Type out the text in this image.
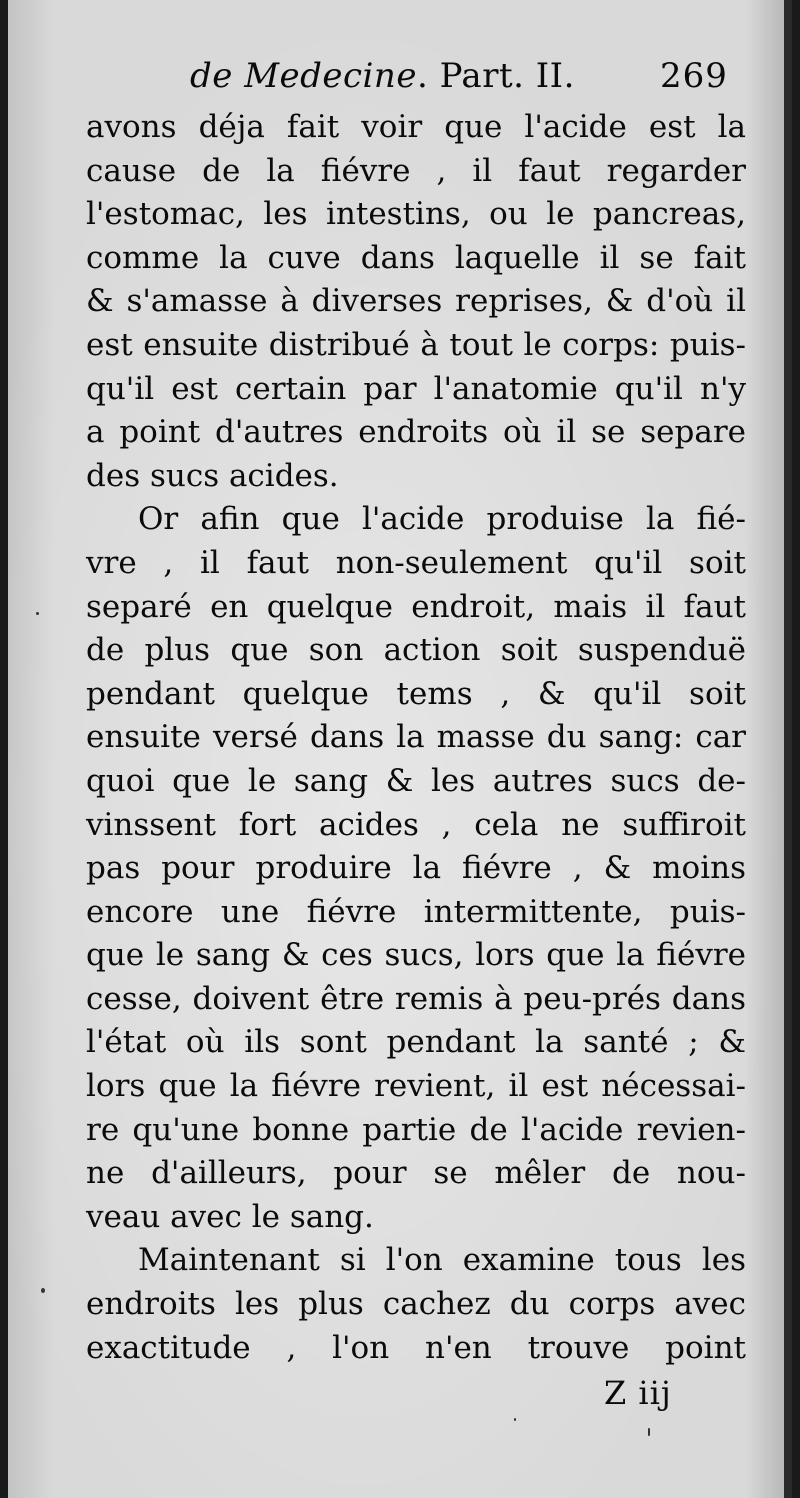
de Medecine. Part. II.	269
avons déja fait voir que l'acide est la
cause de la fiévre , il faut regarder
l'estomac, les intestins, ou le pancreas,
comme la cuve dans laquelle il se fait
& s'amasse à diverses reprises, & d'où il
est ensuite distribué à tout le corps: puis-
qu'il est certain par l'anatomie qu'il n'y
a point d'autres endroits où il se separe
des sucs acides.
Or afin que l'acide produise la fié-
vre , il faut non-seulement qu'il soit
separé en quelque endroit, mais il faut
de plus que son action soit suspenduë
pendant quelque tems , & qu'il soit
ensuite versé dans la masse du sang: car
quoi que le sang & les autres sucs de-
vinssent fort acides , cela ne suffiroit
pas pour produire la fiévre , & moins
encore une fiévre intermittente, puis-
que le sang & ces sucs, lors que la fiévre
cesse, doivent être remis à peu-prés dans
l'état où ils sont pendant la santé ; &
lors que la fiévre revient, il est nécessai-
re qu'une bonne partie de l'acide revien-
ne d'ailleurs, pour se mêler de nou-
veau avec le sang.
Maintenant si l'on examine tous les
endroits les plus cachez du corps avec
exactitude , l'on n'en trouve point
Z iij
